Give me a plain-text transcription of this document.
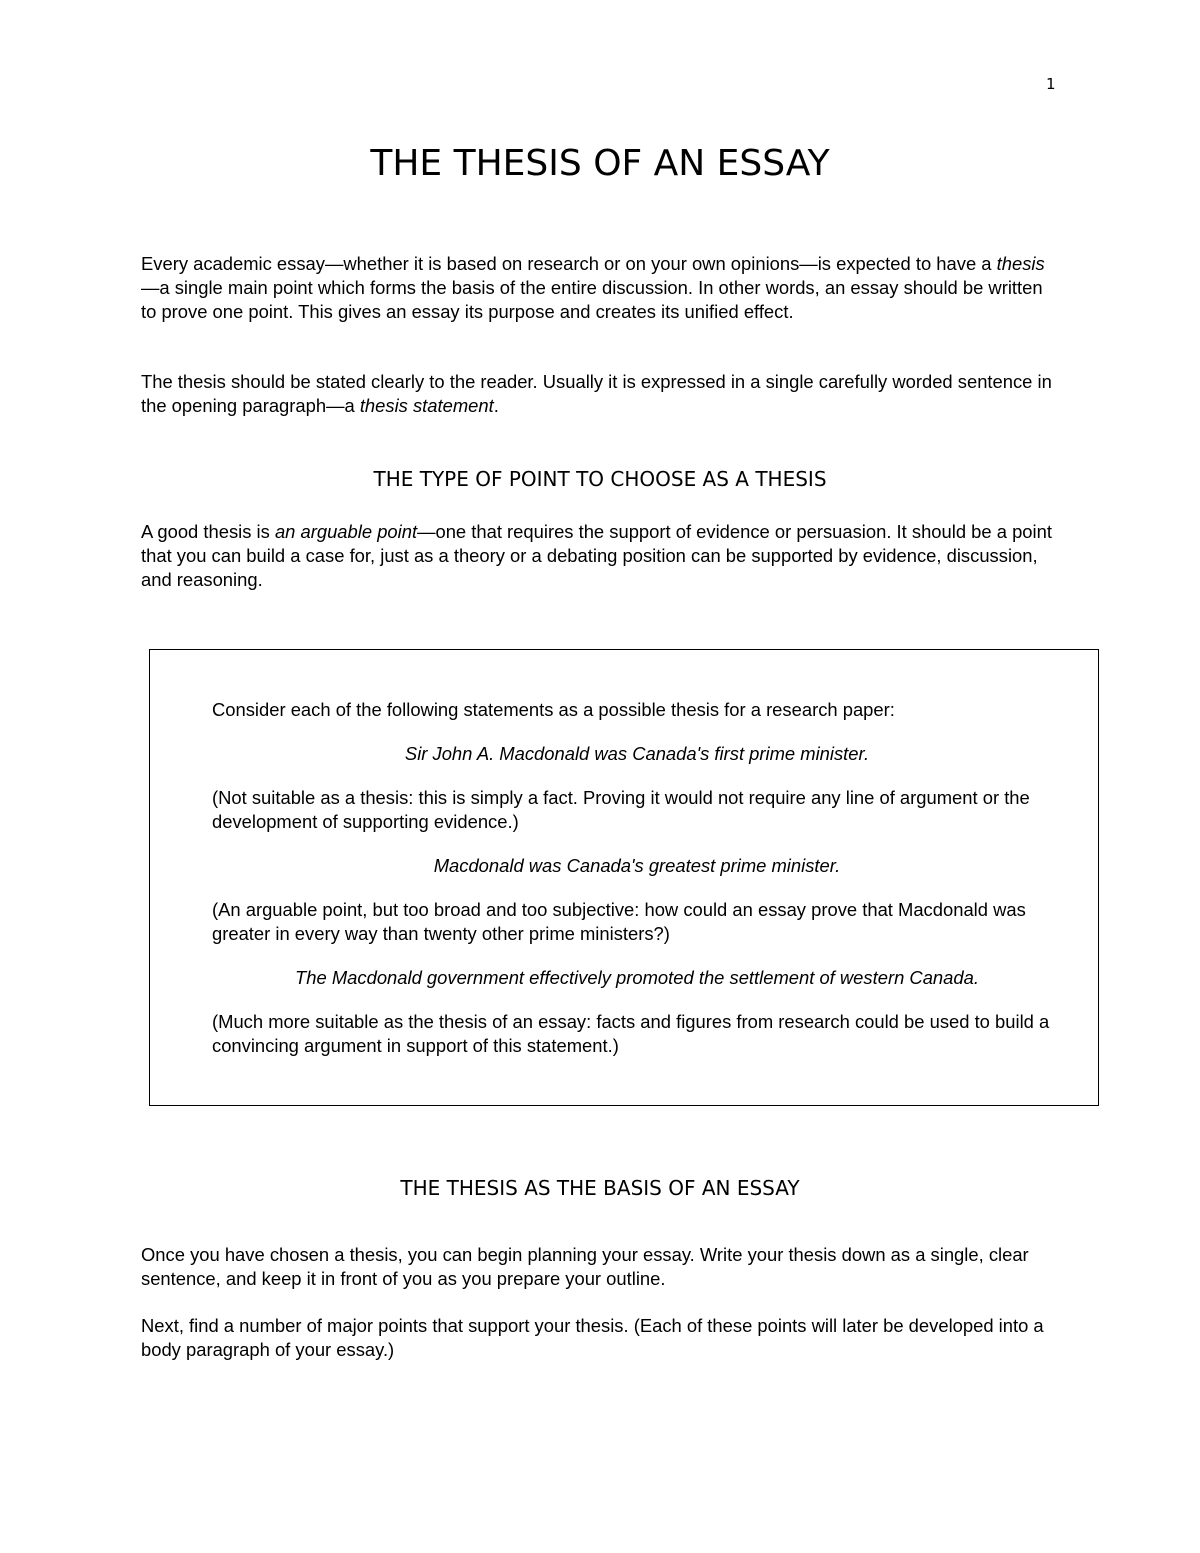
1
THE THESIS OF AN ESSAY

Every academic essay—whether it is based on research or on your own opinions—is expected to have a thesis—a single main point which forms the basis of the entire discussion. In other words, an essay should be written to prove one point. This gives an essay its purpose and creates its unified effect.

The thesis should be stated clearly to the reader. Usually it is expressed in a single carefully worded sentence in the opening paragraph—a thesis statement.

THE TYPE OF POINT TO CHOOSE AS A THESIS

A good thesis is an arguable point—one that requires the support of evidence or persuasion. It should be a point that you can build a case for, just as a theory or a debating position can be supported by evidence, discussion, and reasoning.

Consider each of the following statements as a possible thesis for a research paper:

Sir John A. Macdonald was Canada's first prime minister.

(Not suitable as a thesis: this is simply a fact. Proving it would not require any line of argument or the development of supporting evidence.)

Macdonald was Canada's greatest prime minister.

(An arguable point, but too broad and too subjective: how could an essay prove that Macdonald was greater in every way than twenty other prime ministers?)

The Macdonald government effectively promoted the settlement of western Canada.

(Much more suitable as the thesis of an essay: facts and figures from research could be used to build a convincing argument in support of this statement.)

THE THESIS AS THE BASIS OF AN ESSAY

Once you have chosen a thesis, you can begin planning your essay. Write your thesis down as a single, clear sentence, and keep it in front of you as you prepare your outline.

Next, find a number of major points that support your thesis. (Each of these points will later be developed into a body paragraph of your essay.)
